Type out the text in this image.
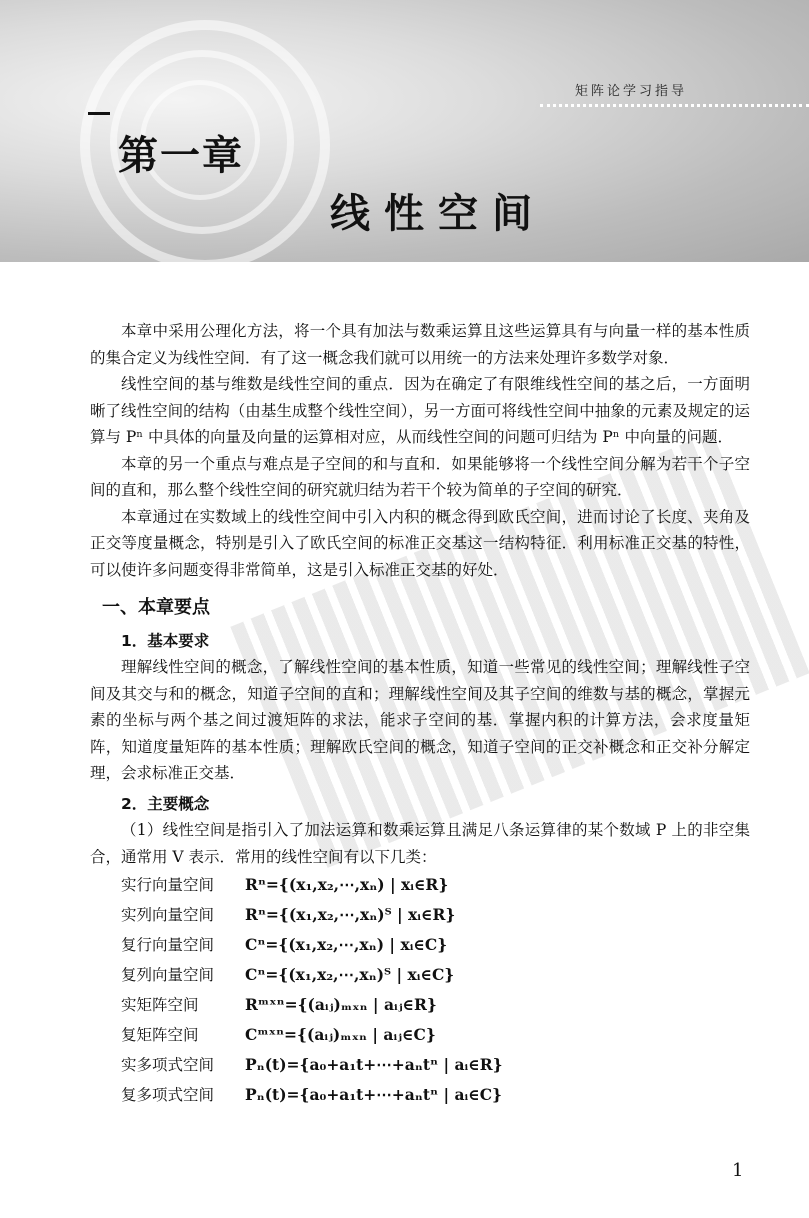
矩阵论学习指导
第一章
线性空间

本章中采用公理化方法，将一个具有加法与数乘运算且这些运算具有与向量一样的基本性质的集合定义为线性空间．有了这一概念我们就可以用统一的方法来处理许多数学对象．

线性空间的基与维数是线性空间的重点．因为在确定了有限维线性空间的基之后，一方面明晰了线性空间的结构（由基生成整个线性空间），另一方面可将线性空间中抽象的元素及规定的运算与 Pⁿ 中具体的向量及向量的运算相对应，从而线性空间的问题可归结为 Pⁿ 中向量的问题．

本章的另一个重点与难点是子空间的和与直和．如果能够将一个线性空间分解为若干个子空间的直和，那么整个线性空间的研究就归结为若干个较为简单的子空间的研究．

本章通过在实数域上的线性空间中引入内积的概念得到欧氏空间，进而讨论了长度、夹角及正交等度量概念，特别是引入了欧氏空间的标准正交基这一结构特征．利用标准正交基的特性，可以使许多问题变得非常简单，这是引入标准正交基的好处．

一、本章要点
1．基本要求

理解线性空间的概念，了解线性空间的基本性质，知道一些常见的线性空间；理解线性子空间及其交与和的概念，知道子空间的直和；理解线性空间及其子空间的维数与基的概念，掌握元素的坐标与两个基之间过渡矩阵的求法，能求子空间的基．掌握内积的计算方法，会求度量矩阵，知道度量矩阵的基本性质；理解欧氏空间的概念，知道子空间的正交补概念和正交补分解定理，会求标准正交基．

2．主要概念

（1）线性空间是指引入了加法运算和数乘运算且满足八条运算律的某个数域 P 上的非空集合，通常用 V 表示．常用的线性空间有以下几类：

实行向量空间	Rⁿ={(x₁,x₂,⋯,xₙ) | xᵢ∈R}
实列向量空间	Rⁿ={(x₁,x₂,⋯,xₙ)ᵀ | xᵢ∈R}
复行向量空间	Cⁿ={(x₁,x₂,⋯,xₙ) | xᵢ∈C}
复列向量空间	Cⁿ={(x₁,x₂,⋯,xₙ)ᵀ | xᵢ∈C}
实矩阵空间	Rᵐˣⁿ={(aᵢⱼ)ₘₓₙ | aᵢⱼ∈R}
复矩阵空间	Cᵐˣⁿ={(aᵢⱼ)ₘₓₙ | aᵢⱼ∈C}
实多项式空间	Pₙ(t)={a₀+a₁t+⋯+aₙtⁿ | aᵢ∈R}
复多项式空间	Pₙ(t)={a₀+a₁t+⋯+aₙtⁿ | aᵢ∈C}
1
